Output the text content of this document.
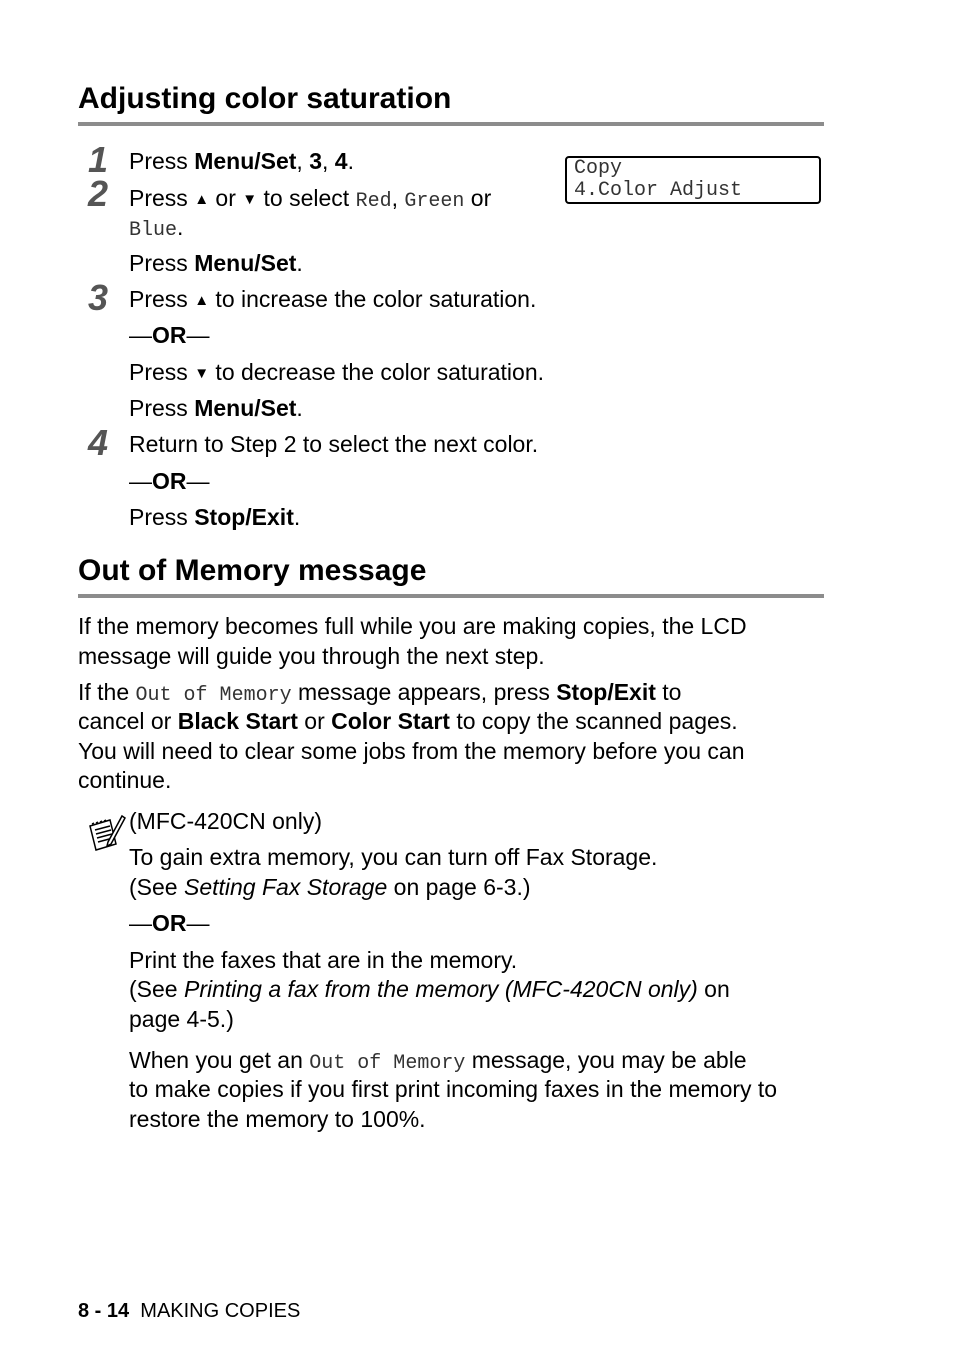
Adjusting color saturation
Copy
4.Color Adjust
1 Press Menu/Set, 3, 4.
2 Press ▲ or ▼ to select Red, Green or
Blue.
Press Menu/Set.
3 Press ▲ to increase the color saturation.
—OR—
Press ▼ to decrease the color saturation.
Press Menu/Set.
4 Return to Step 2 to select the next color.
—OR—
Press Stop/Exit.
Out of Memory message
If the memory becomes full while you are making copies, the LCD
message will guide you through the next step.
If the Out of Memory message appears, press Stop/Exit to
cancel or Black Start or Color Start to copy the scanned pages.
You will need to clear some jobs from the memory before you can
continue.
(MFC-420CN only)
To gain extra memory, you can turn off Fax Storage.
(See Setting Fax Storage on page 6-3.)
—OR—
Print the faxes that are in the memory.
(See Printing a fax from the memory (MFC-420CN only) on
page 4-5.)
When you get an Out of Memory message, you may be able
to make copies if you first print incoming faxes in the memory to
restore the memory to 100%.
8 - 14 MAKING COPIES
